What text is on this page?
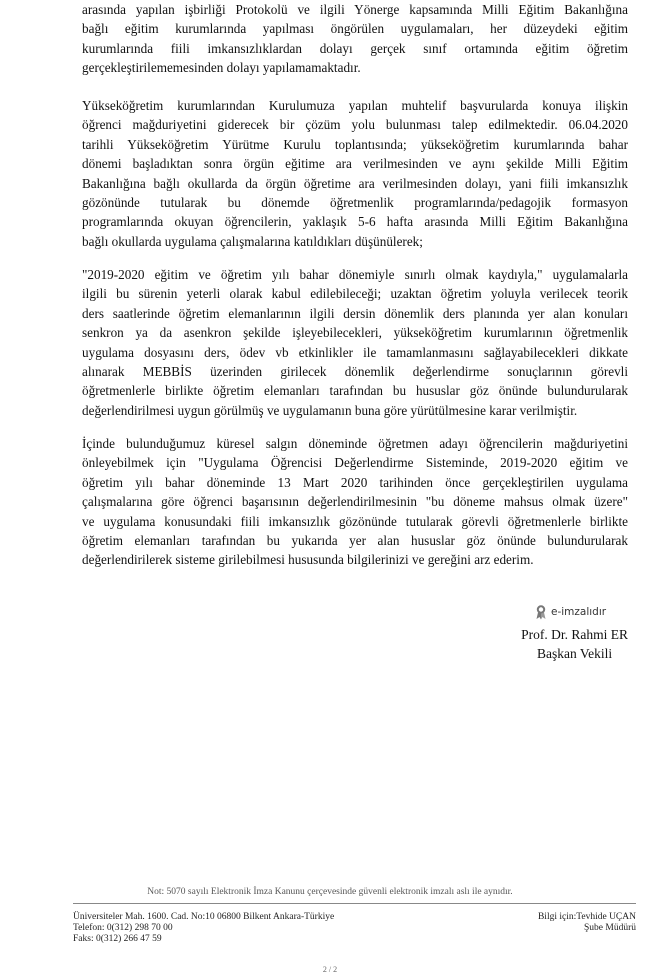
arasında yapılan işbirliği Protokolü ve ilgili Yönerge kapsamında Milli Eğitim Bakanlığına
bağlı eğitim kurumlarında yapılması öngörülen uygulamaları, her düzeydeki eğitim
kurumlarında fiili imkansızlıklardan dolayı gerçek sınıf ortamında eğitim öğretim
gerçekleştirilememesinden dolayı yapılamamaktadır.
Yükseköğretim kurumlarından Kurulumuza yapılan muhtelif başvurularda konuya ilişkin
öğrenci mağduriyetini giderecek bir çözüm yolu bulunması talep edilmektedir. 06.04.2020
tarihli Yükseköğretim Yürütme Kurulu toplantısında; yükseköğretim kurumlarında bahar
dönemi başladıktan sonra örgün eğitime ara verilmesinden ve aynı şekilde Milli Eğitim
Bakanlığına bağlı okullarda da örgün öğretime ara verilmesinden dolayı, yani fiili imkansızlık
gözönünde tutularak bu dönemde öğretmenlik programlarında/pedagojik formasyon
programlarında okuyan öğrencilerin, yaklaşık 5-6 hafta arasında Milli Eğitim Bakanlığına
bağlı okullarda uygulama çalışmalarına katıldıkları düşünülerek;
"2019-2020 eğitim ve öğretim yılı bahar dönemiyle sınırlı olmak kaydıyla," uygulamalarla
ilgili bu sürenin yeterli olarak kabul edilebileceği; uzaktan öğretim yoluyla verilecek teorik
ders saatlerinde öğretim elemanlarının ilgili dersin dönemlik ders planında yer alan konuları
senkron ya da asenkron şekilde işleyebilecekleri, yükseköğretim kurumlarının öğretmenlik
uygulama dosyasını ders, ödev vb etkinlikler ile tamamlanmasını sağlayabilecekleri dikkate
alınarak MEBBİS üzerinden girilecek dönemlik değerlendirme sonuçlarının görevli
öğretmenlerle birlikte öğretim elemanları tarafından bu hususlar göz önünde bulundurularak
değerlendirilmesi uygun görülmüş ve uygulamanın buna göre yürütülmesine karar verilmiştir.
İçinde bulunduğumuz küresel salgın döneminde öğretmen adayı öğrencilerin mağduriyetini
önleyebilmek için "Uygulama Öğrencisi Değerlendirme Sisteminde, 2019-2020 eğitim ve
öğretim yılı bahar döneminde 13 Mart 2020 tarihinden önce gerçekleştirilen uygulama
çalışmalarına göre öğrenci başarısının değerlendirilmesinin "bu döneme mahsus olmak üzere"
ve uygulama konusundaki fiili imkansızlık gözönünde tutularak görevli öğretmenlerle birlikte
öğretim elemanları tarafından bu yukarıda yer alan hususlar göz önünde bulundurularak
değerlendirilerek sisteme girilebilmesi hususunda bilgilerinizi ve gereğini arz ederim.
e-imzalıdır
Prof. Dr. Rahmi ER
Başkan Vekili
Not: 5070 sayılı Elektronik İmza Kanunu çerçevesinde güvenli elektronik imzalı aslı ile aynıdır.
Üniversiteler Mah. 1600. Cad. No:10 06800 Bilkent Ankara-Türkiye
Telefon: 0(312) 298 70 00
Faks: 0(312) 266 47 59
Bilgi için:Tevhide UÇAN
Şube Müdürü
2 / 2
